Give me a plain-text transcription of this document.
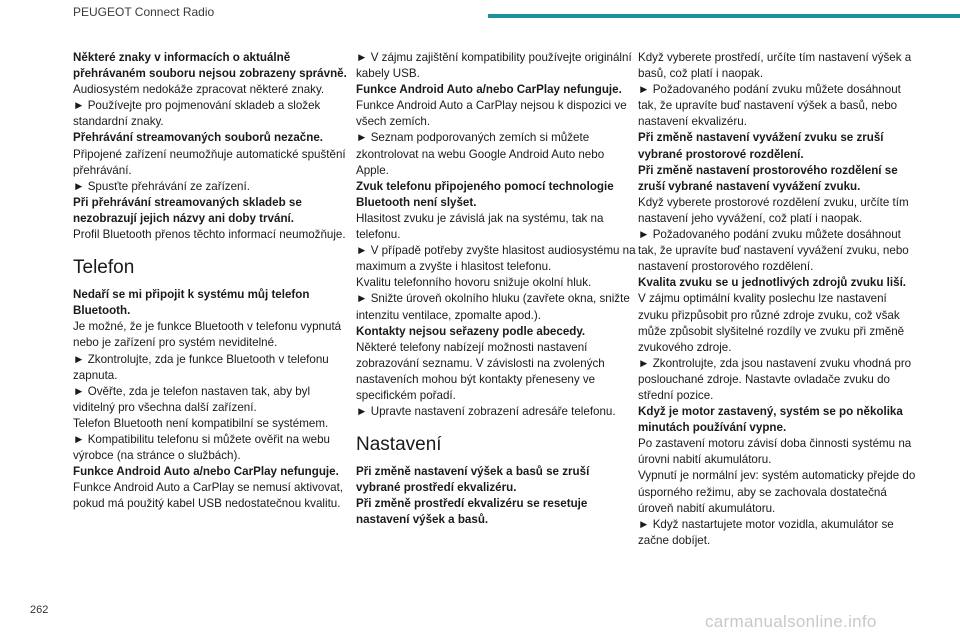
PEUGEOT Connect Radio

Některé znaky v informacích o aktuálně přehrávaném souboru nejsou zobrazeny správně.

Audiosystém nedokáže zpracovat některé znaky.

► Používejte pro pojmenování skladeb a složek standardní znaky.

Přehrávání streamovaných souborů nezačne.

Připojené zařízení neumožňuje automatické spuštění přehrávání.

► Spusťte přehrávání ze zařízení.

Při přehrávání streamovaných skladeb se nezobrazují jejich názvy ani doby trvání.

Profil Bluetooth přenos těchto informací neumožňuje.

Telefon

Nedaří se mi připojit k systému můj telefon Bluetooth.

Je možné, že je funkce Bluetooth v telefonu vypnutá nebo je zařízení pro systém neviditelné.

► Zkontrolujte, zda je funkce Bluetooth v telefonu zapnuta.

► Ověřte, zda je telefon nastaven tak, aby byl viditelný pro všechna další zařízení.

Telefon Bluetooth není kompatibilní se systémem.

► Kompatibilitu telefonu si můžete ověřit na webu výrobce (na stránce o službách).

Funkce Android Auto a/nebo CarPlay nefunguje.

Funkce Android Auto a CarPlay se nemusí aktivovat, pokud má použitý kabel USB nedostatečnou kvalitu.

► V zájmu zajištění kompatibility používejte originální kabely USB.

Funkce Android Auto a/nebo CarPlay nefunguje.

Funkce Android Auto a CarPlay nejsou k dispozici ve všech zemích.

► Seznam podporovaných zemích si můžete zkontrolovat na webu Google Android Auto nebo Apple.

Zvuk telefonu připojeného pomocí technologie Bluetooth není slyšet.

Hlasitost zvuku je závislá jak na systému, tak na telefonu.

► V případě potřeby zvyšte hlasitost audiosystému na maximum a zvyšte i hlasitost telefonu.

Kvalitu telefonního hovoru snižuje okolní hluk.

► Snižte úroveň okolního hluku (zavřete okna, snižte intenzitu ventilace, zpomalte apod.).

Kontakty nejsou seřazeny podle abecedy.

Některé telefony nabízejí možnosti nastavení zobrazování seznamu. V závislosti na zvolených nastaveních mohou být kontakty přeneseny ve specifickém pořadí.

► Upravte nastavení zobrazení adresáře telefonu.

Nastavení

Při změně nastavení výšek a basů se zruší vybrané prostředí ekvalizéru.

Při změně prostředí ekvalizéru se resetuje nastavení výšek a basů.

Když vyberete prostředí, určíte tím nastavení výšek a basů, což platí i naopak.

► Požadovaného podání zvuku můžete dosáhnout tak, že upravíte buď nastavení výšek a basů, nebo nastavení ekvalizéru.

Při změně nastavení vyvážení zvuku se zruší vybrané prostorové rozdělení.

Při změně nastavení prostorového rozdělení se zruší vybrané nastavení vyvážení zvuku.

Když vyberete prostorové rozdělení zvuku, určíte tím nastavení jeho vyvážení, což platí i naopak.

► Požadovaného podání zvuku můžete dosáhnout tak, že upravíte buď nastavení vyvážení zvuku, nebo nastavení prostorového rozdělení.

Kvalita zvuku se u jednotlivých zdrojů zvuku liší.

V zájmu optimální kvality poslechu lze nastavení zvuku přizpůsobit pro různé zdroje zvuku, což však může způsobit slyšitelné rozdíly ve zvuku při změně zvukového zdroje.

► Zkontrolujte, zda jsou nastavení zvuku vhodná pro poslouchané zdroje. Nastavte ovladače zvuku do střední pozice.

Když je motor zastavený, systém se po několika minutách používání vypne.

Po zastavení motoru závisí doba činnosti systému na úrovni nabití akumulátoru.

Vypnutí je normální jev: systém automaticky přejde do úsporného režimu, aby se zachovala dostatečná úroveň nabití akumulátoru.

► Když nastartujete motor vozidla, akumulátor se začne dobíjet.

262
carmanualsonline.info
